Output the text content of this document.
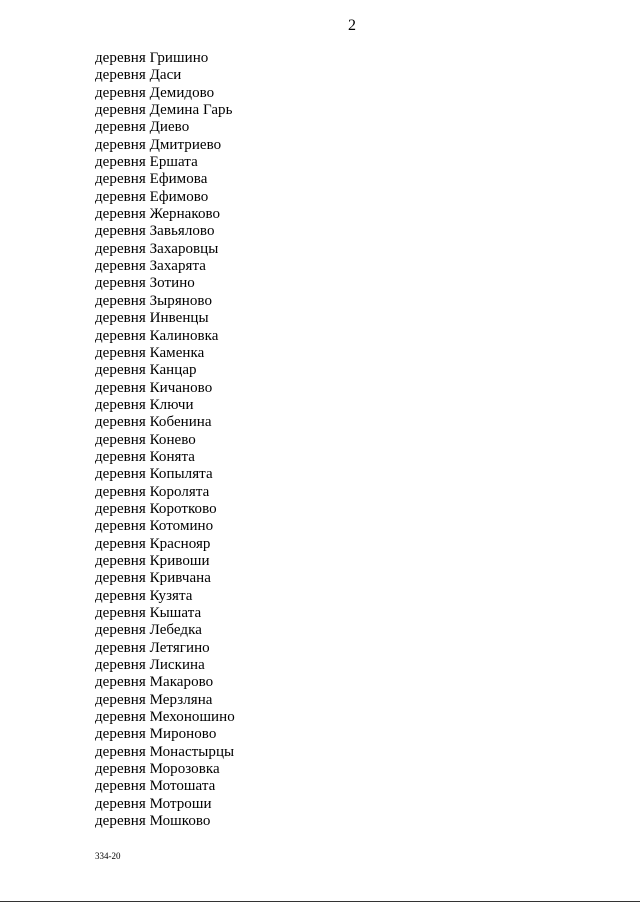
2
деревня Гришино
деревня Даси
деревня Демидово
деревня Демина Гарь
деревня Диево
деревня Дмитриево
деревня Ершата
деревня Ефимова
деревня Ефимово
деревня Жернаково
деревня Завьялово
деревня Захаровцы
деревня Захарята
деревня Зотино
деревня Зыряново
деревня Инвенцы
деревня Калиновка
деревня Каменка
деревня Канцар
деревня Кичаново
деревня Ключи
деревня Кобенина
деревня Конево
деревня Конята
деревня Копылята
деревня Королята
деревня Коротково
деревня Котомино
деревня Краснояр
деревня Кривоши
деревня Кривчана
деревня Кузята
деревня Кышата
деревня Лебедка
деревня Летягино
деревня Лискина
деревня Макарово
деревня Мерзляна
деревня Мехоношино
деревня Мироново
деревня Монастырцы
деревня Морозовка
деревня Мотошата
деревня Мотроши
деревня Мошково
334-20
